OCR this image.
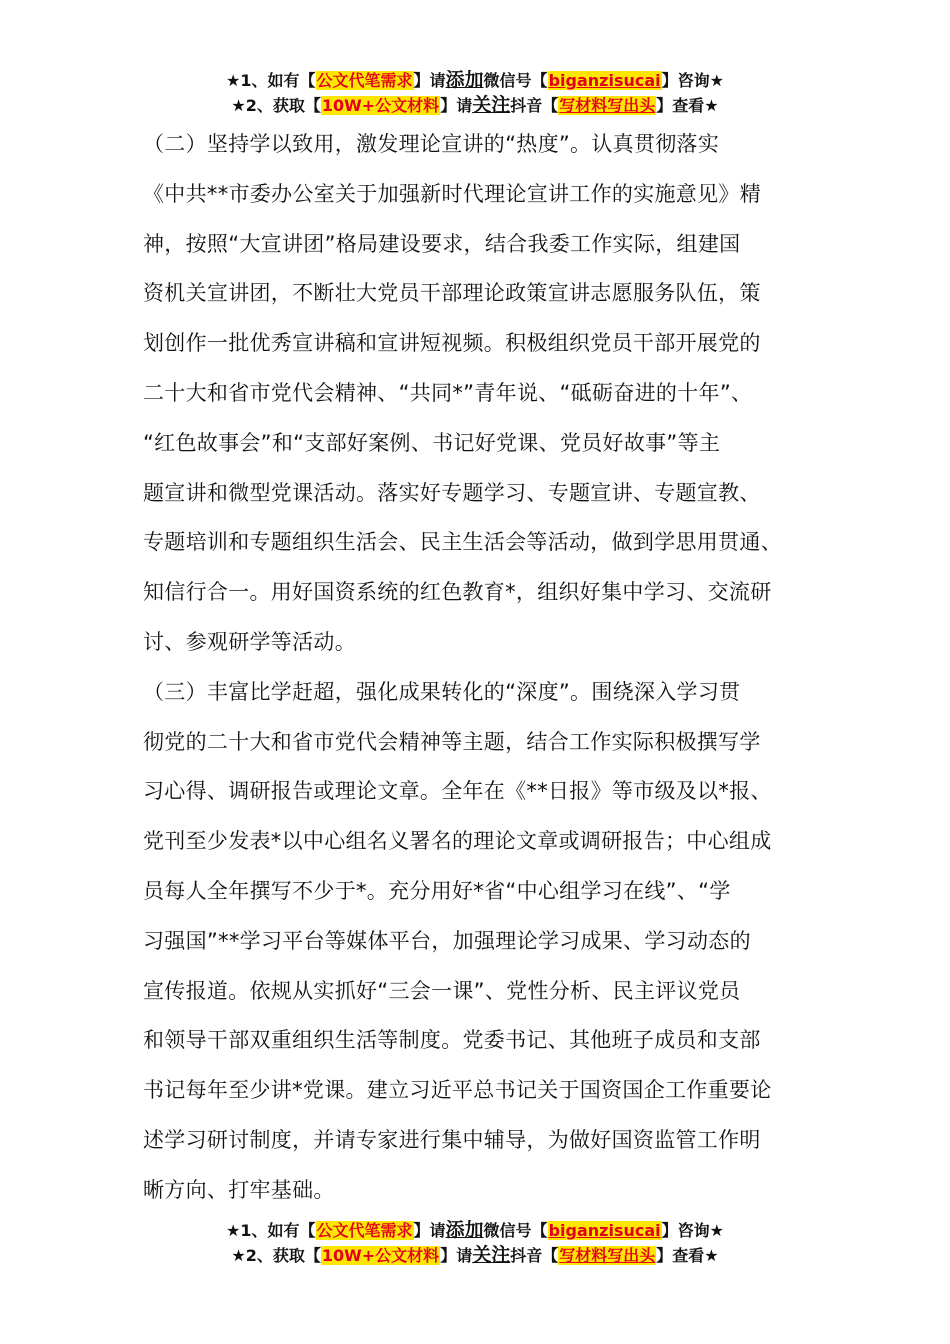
★1、如有【公文代笔需求】请添加微信号【biganzisucai】咨询★
★2、获取【10W+公文材料】请关注抖音【写材料写出头】查看★

（二）坚持学以致用，激发理论宣讲的“热度”。认真贯彻落实
《中共**市委办公室关于加强新时代理论宣讲工作的实施意见》精
神，按照“大宣讲团”格局建设要求，结合我委工作实际，组建国
资机关宣讲团，不断壮大党员干部理论政策宣讲志愿服务队伍，策
划创作一批优秀宣讲稿和宣讲短视频。积极组织党员干部开展党的
二十大和省市党代会精神、“共同*”青年说、“砥砺奋进的十年”、
“红色故事会”和“支部好案例、书记好党课、党员好故事”等主
题宣讲和微型党课活动。落实好专题学习、专题宣讲、专题宣教、
专题培训和专题组织生活会、民主生活会等活动，做到学思用贯通、
知信行合一。用好国资系统的红色教育*，组织好集中学习、交流研
讨、参观研学等活动。

（三）丰富比学赶超，强化成果转化的“深度”。围绕深入学习贯
彻党的二十大和省市党代会精神等主题，结合工作实际积极撰写学
习心得、调研报告或理论文章。全年在《**日报》等市级及以*报、
党刊至少发表*以中心组名义署名的理论文章或调研报告；中心组成
员每人全年撰写不少于*。充分用好*省“中心组学习在线”、“学
习强国”**学习平台等媒体平台，加强理论学习成果、学习动态的
宣传报道。依规从实抓好“三会一课”、党性分析、民主评议党员
和领导干部双重组织生活等制度。党委书记、其他班子成员和支部
书记每年至少讲*党课。建立习近平总书记关于国资国企工作重要论
述学习研讨制度，并请专家进行集中辅导，为做好国资监管工作明
晰方向、打牢基础。

★1、如有【公文代笔需求】请添加微信号【biganzisucai】咨询★
★2、获取【10W+公文材料】请关注抖音【写材料写出头】查看★
